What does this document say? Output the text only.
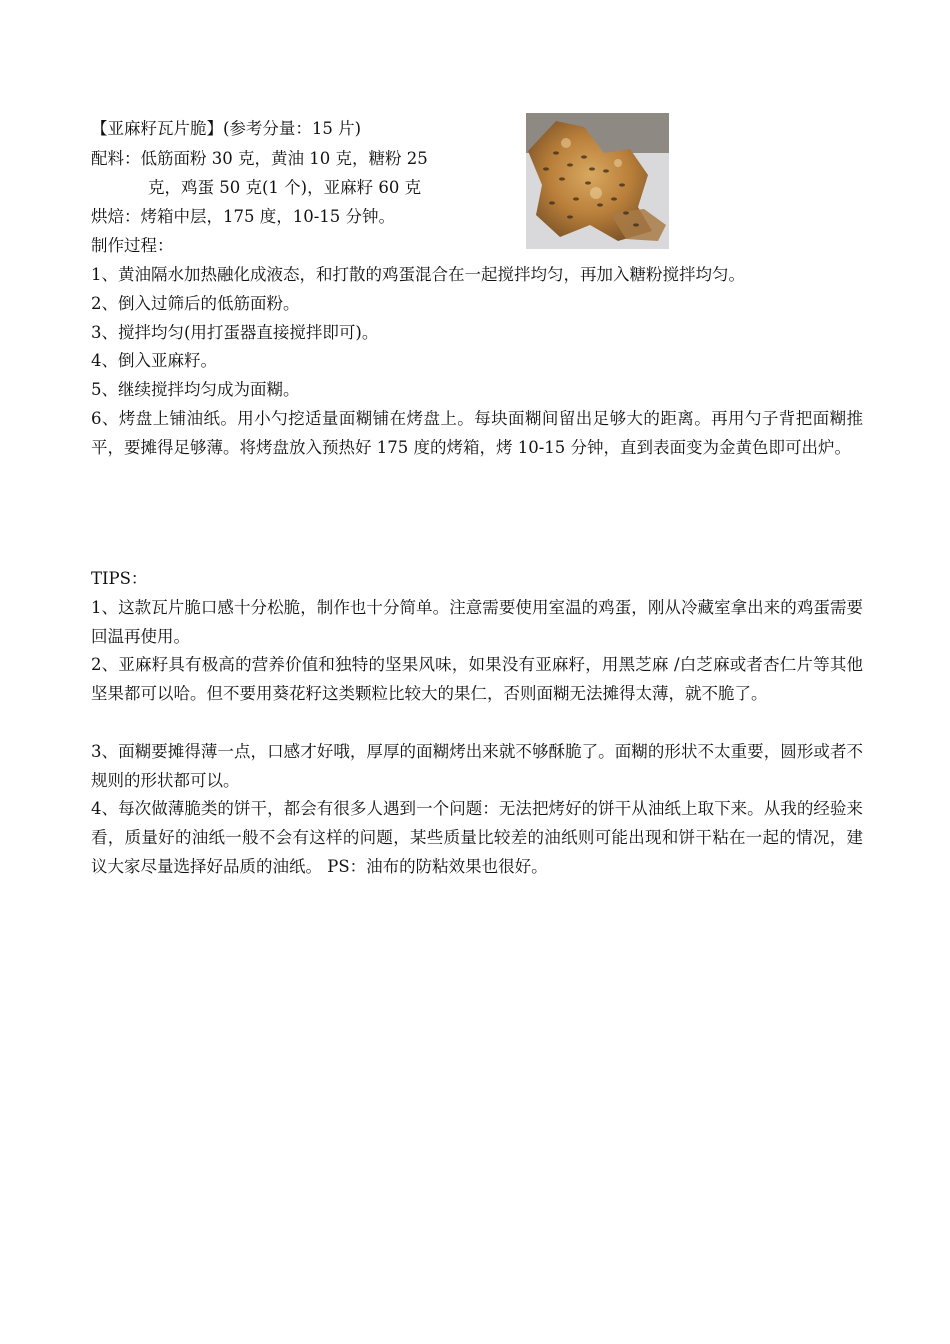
【亚麻籽瓦片脆】(参考分量：15 片)
配料：低筋面粉 30 克，黄油 10 克，糖粉 25
克，鸡蛋 50 克(1 个)，亚麻籽 60 克
烘焙：烤箱中层，175 度，10-15 分钟。
制作过程：
1、黄油隔水加热融化成液态，和打散的鸡蛋混合在一起搅拌均匀，再加入糖粉搅拌均匀。
2、倒入过筛后的低筋面粉。
3、搅拌均匀(用打蛋器直接搅拌即可)。
4、倒入亚麻籽。
5、继续搅拌均匀成为面糊。
6、烤盘上铺油纸。用小勺挖适量面糊铺在烤盘上。每块面糊间留出足够大的距离。再用勺子背把面糊推平，要摊得足够薄。将烤盘放入预热好 175 度的烤箱，烤 10-15 分钟，直到表面变为金黄色即可出炉。
TIPS：
1、这款瓦片脆口感十分松脆，制作也十分简单。注意需要使用室温的鸡蛋，刚从冷藏室拿出来的鸡蛋需要回温再使用。
2、亚麻籽具有极高的营养价值和独特的坚果风味，如果没有亚麻籽，用黑芝麻 /白芝麻或者杏仁片等其他坚果都可以哈。但不要用葵花籽这类颗粒比较大的果仁，否则面糊无法摊得太薄，就不脆了。
3、面糊要摊得薄一点，口感才好哦，厚厚的面糊烤出来就不够酥脆了。面糊的形状不太重要，圆形或者不规则的形状都可以。
4、每次做薄脆类的饼干，都会有很多人遇到一个问题：无法把烤好的饼干从油纸上取下来。从我的经验来看，质量好的油纸一般不会有这样的问题，某些质量比较差的油纸则可能出现和饼干粘在一起的情况，建议大家尽量选择好品质的油纸。 PS：油布的防粘效果也很好。
